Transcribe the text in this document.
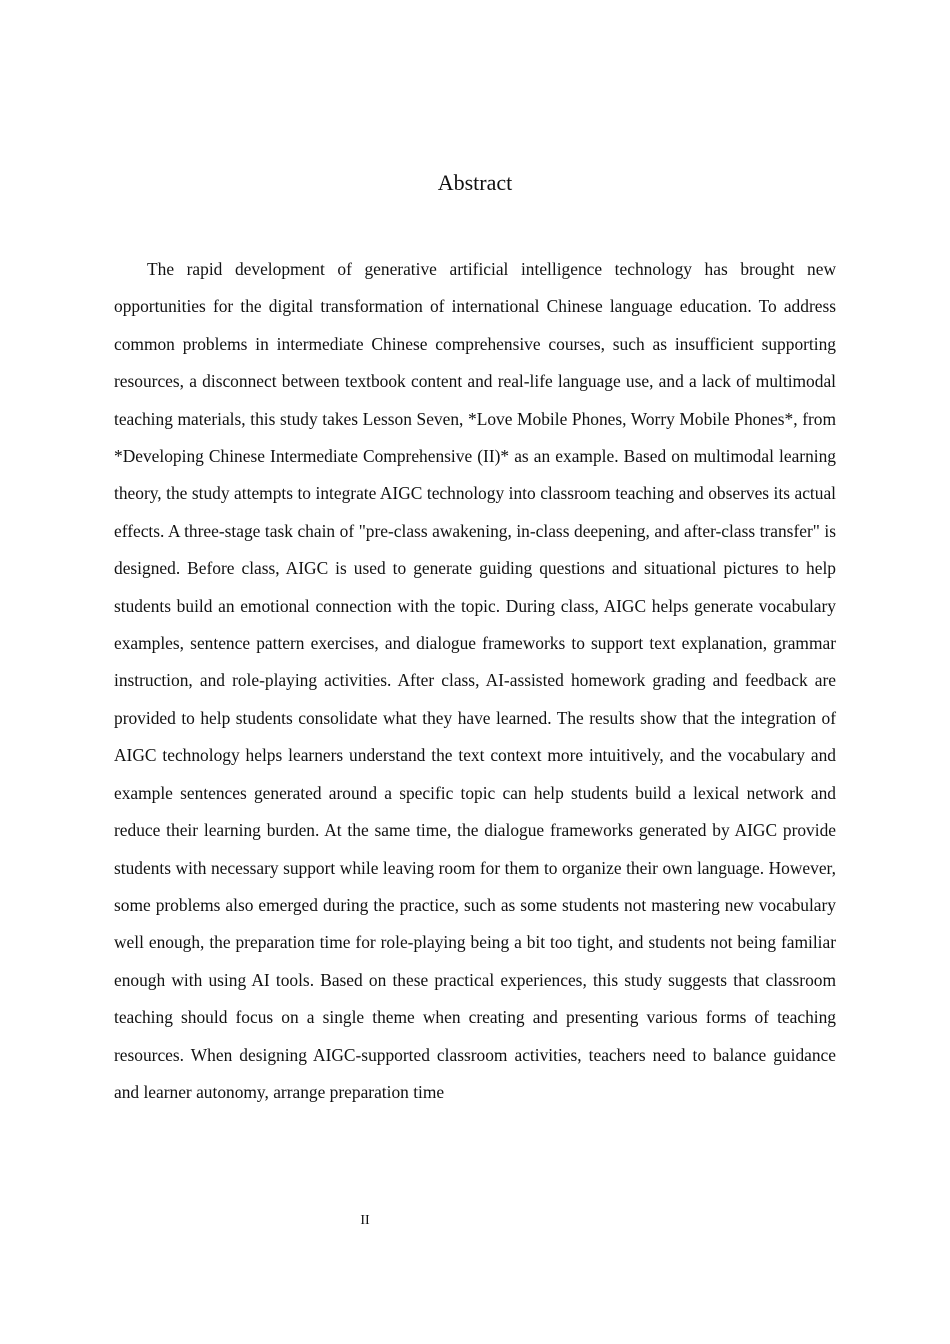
Abstract

The rapid development of generative artificial intelligence technology has brought new opportunities for the digital transformation of international Chinese language education. To address common problems in intermediate Chinese comprehensive courses, such as insufficient supporting resources, a disconnect between textbook content and real-life language use, and a lack of multimodal teaching materials, this study takes Lesson Seven, *Love Mobile Phones, Worry Mobile Phones*, from *Developing Chinese Intermediate Comprehensive (II)* as an example. Based on multimodal learning theory, the study attempts to integrate AIGC technology into classroom teaching and observes its actual effects. A three-stage task chain of "pre-class awakening, in-class deepening, and after-class transfer" is designed. Before class, AIGC is used to generate guiding questions and situational pictures to help students build an emotional connection with the topic. During class, AIGC helps generate vocabulary examples, sentence pattern exercises, and dialogue frameworks to support text explanation, grammar instruction, and role-playing activities. After class, AI-assisted homework grading and feedback are provided to help students consolidate what they have learned. The results show that the integration of AIGC technology helps learners understand the text context more intuitively, and the vocabulary and example sentences generated around a specific topic can help students build a lexical network and reduce their learning burden. At the same time, the dialogue frameworks generated by AIGC provide students with necessary support while leaving room for them to organize their own language. However, some problems also emerged during the practice, such as some students not mastering new vocabulary well enough, the preparation time for role-playing being a bit too tight, and students not being familiar enough with using AI tools. Based on these practical experiences, this study suggests that classroom teaching should focus on a single theme when creating and presenting various forms of teaching resources. When designing AIGC-supported classroom activities, teachers need to balance guidance and learner autonomy, arrange preparation time

II
